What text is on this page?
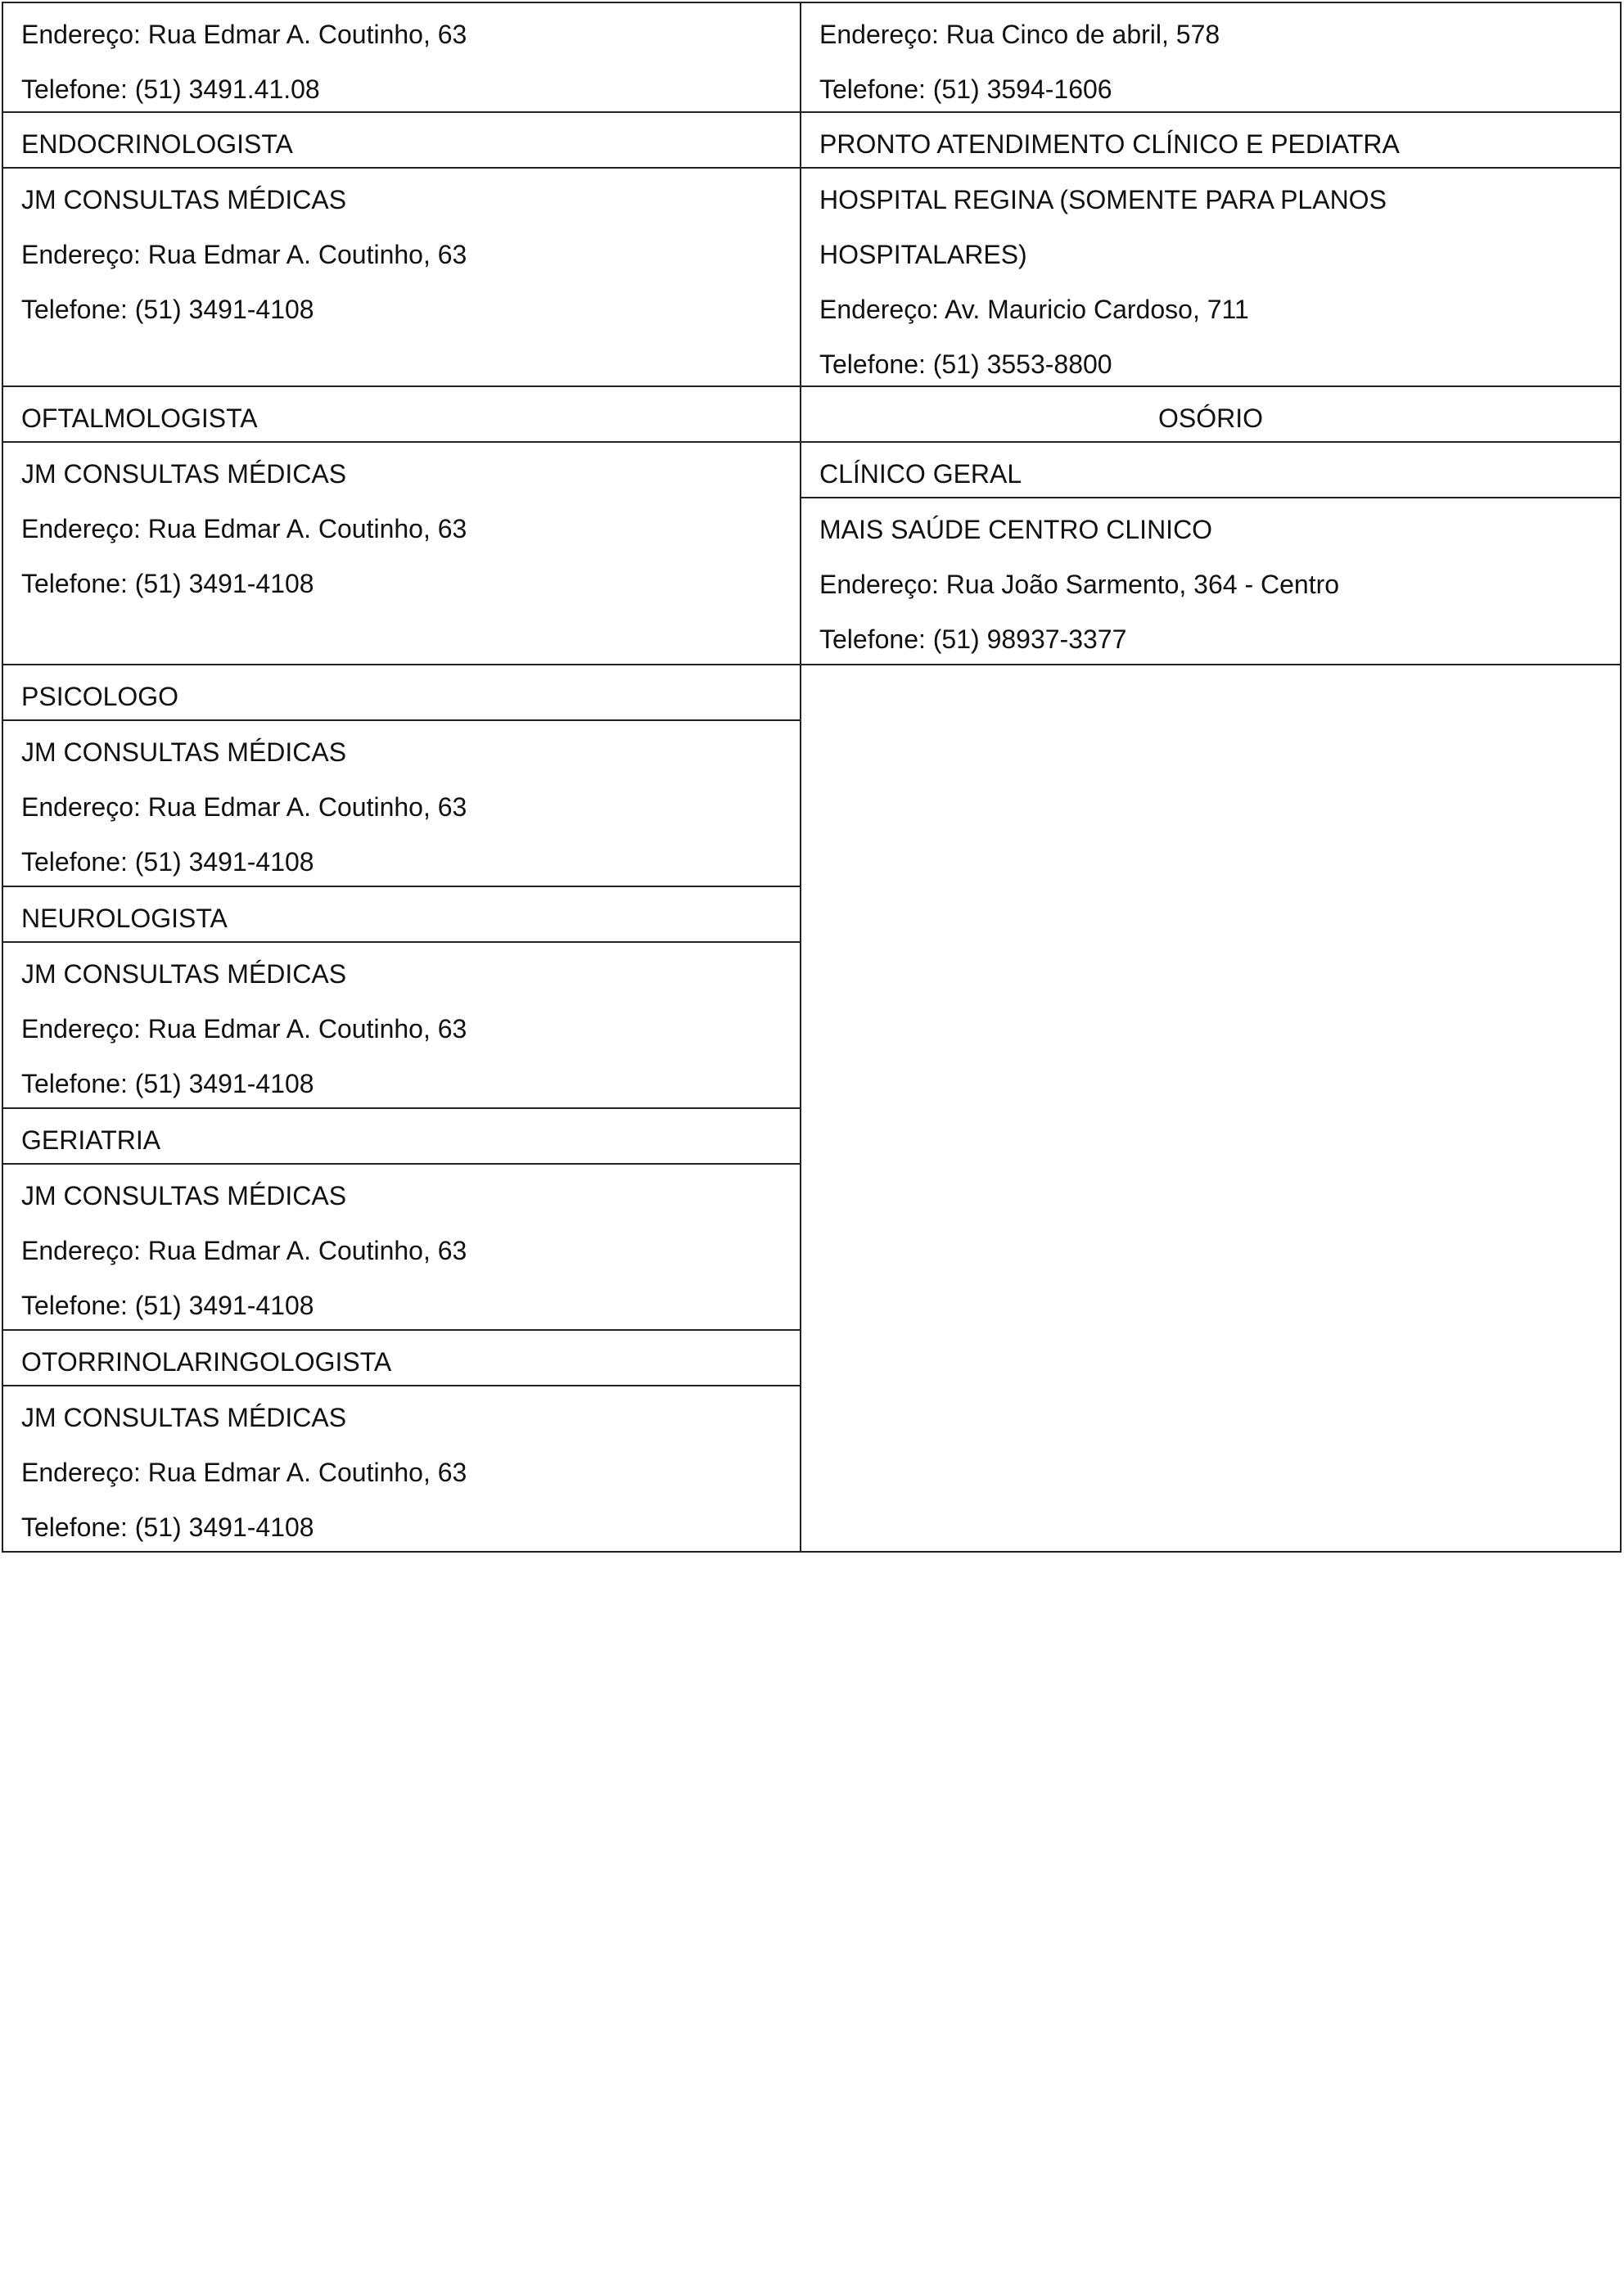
Endereço: Rua Edmar A. Coutinho, 63
Telefone: (51) 3491.41.08
ENDOCRINOLOGISTA
JM CONSULTAS MÉDICAS
Endereço: Rua Edmar A. Coutinho, 63
Telefone: (51) 3491-4108
OFTALMOLOGISTA
JM CONSULTAS MÉDICAS
Endereço: Rua Edmar A. Coutinho, 63
Telefone: (51) 3491-4108
PSICOLOGO
JM CONSULTAS MÉDICAS
Endereço: Rua Edmar A. Coutinho, 63
Telefone: (51) 3491-4108
NEUROLOGISTA
JM CONSULTAS MÉDICAS
Endereço: Rua Edmar A. Coutinho, 63
Telefone: (51) 3491-4108
GERIATRIA
JM CONSULTAS MÉDICAS
Endereço: Rua Edmar A. Coutinho, 63
Telefone: (51) 3491-4108
OTORRINOLARINGOLOGISTA
JM CONSULTAS MÉDICAS
Endereço: Rua Edmar A. Coutinho, 63
Telefone: (51) 3491-4108
Endereço: Rua Cinco de abril, 578
Telefone: (51) 3594-1606
PRONTO ATENDIMENTO CLÍNICO E PEDIATRA
HOSPITAL REGINA (SOMENTE PARA PLANOS
HOSPITALARES)
Endereço: Av. Mauricio Cardoso, 711
Telefone: (51) 3553-8800
OSÓRIO
CLÍNICO GERAL
MAIS SAÚDE CENTRO CLINICO
Endereço: Rua João Sarmento, 364 - Centro
Telefone: (51) 98937-3377
